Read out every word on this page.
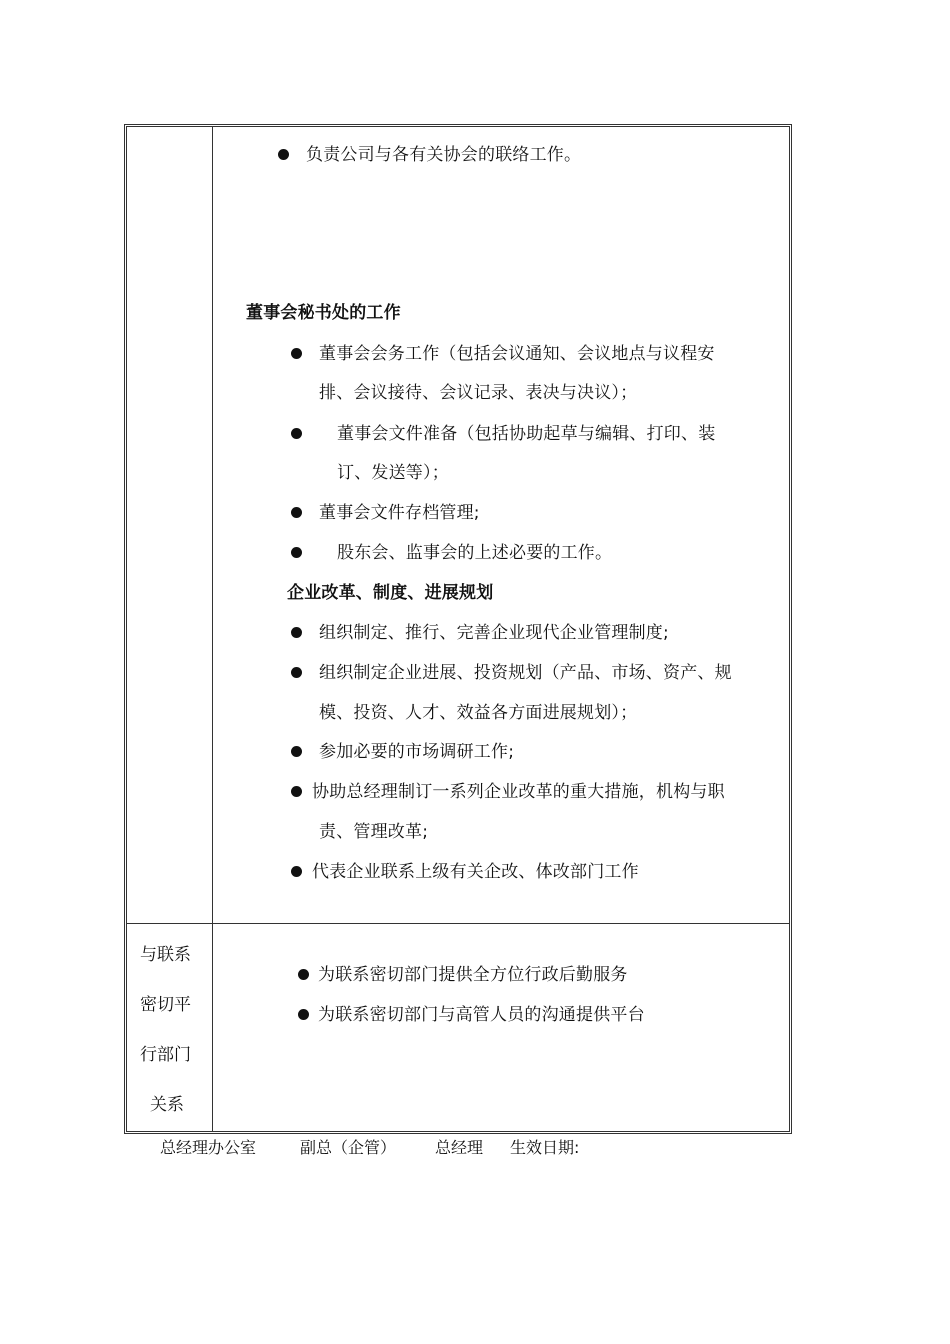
负责公司与各有关协会的联络工作。
董事会秘书处的工作
董事会会务工作（包括会议通知、会议地点与议程安
排、会议接待、会议记录、表决与决议）；
董事会文件准备（包括协助起草与编辑、打印、装
订、发送等）；
董事会文件存档管理;
股东会、监事会的上述必要的工作。
企业改革、制度、进展规划
组织制定、推行、完善企业现代企业管理制度;
组织制定企业进展、投资规划（产品、市场、资产、规
模、投资、人才、效益各方面进展规划）；
参加必要的市场调研工作;
协助总经理制订一系列企业改革的重大措施，机构与职
责、管理改革;
代表企业联系上级有关企改、体改部门工作
与联系
密切平
行部门
关系
为联系密切部门提供全方位行政后勤服务
为联系密切部门与高管人员的沟通提供平台
总经理办公室	副总（企管） 总经理 生效日期:
